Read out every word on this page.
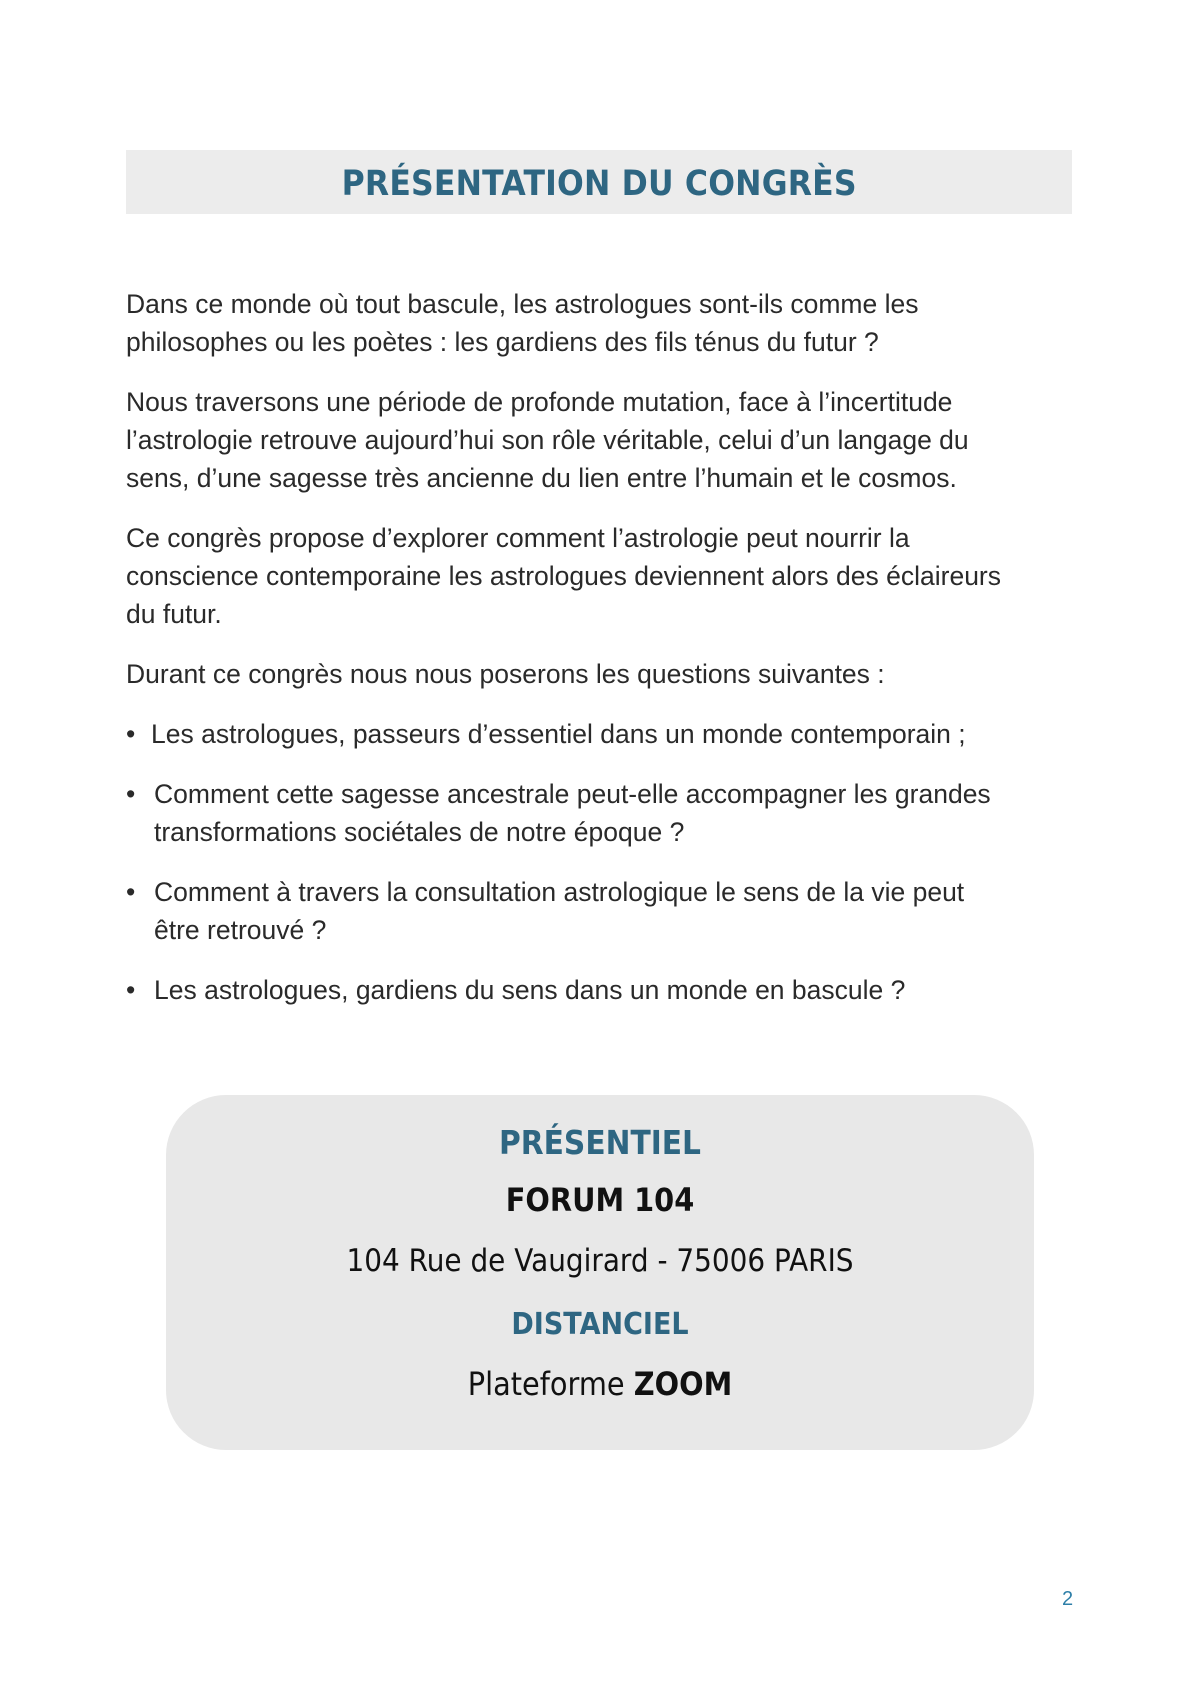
PRÉSENTATION DU CONGRÈS

Dans ce monde où tout bascule, les astrologues sont-ils comme les
philosophes ou les poètes : les gardiens des fils ténus du futur ?

Nous traversons une période de profonde mutation, face à l’incertitude
l’astrologie retrouve aujourd’hui son rôle véritable, celui d’un langage du
sens, d’une sagesse très ancienne du lien entre l’humain et le cosmos.

Ce congrès propose d’explorer comment l’astrologie peut nourrir la
conscience contemporaine les astrologues deviennent alors des éclaireurs
du futur.

Durant ce congrès nous nous poserons les questions suivantes :

• Les astrologues, passeurs d’essentiel dans un monde contemporain ;
• Comment cette sagesse ancestrale peut-elle accompagner les grandes
transformations sociétales de notre époque ?
• Comment à travers la consultation astrologique le sens de la vie peut
être retrouvé ?
• Les astrologues, gardiens du sens dans un monde en bascule ?
PRÉSENTIEL
FORUM 104
104 Rue de Vaugirard - 75006 PARIS
DISTANCIEL
Plateforme ZOOM
2
